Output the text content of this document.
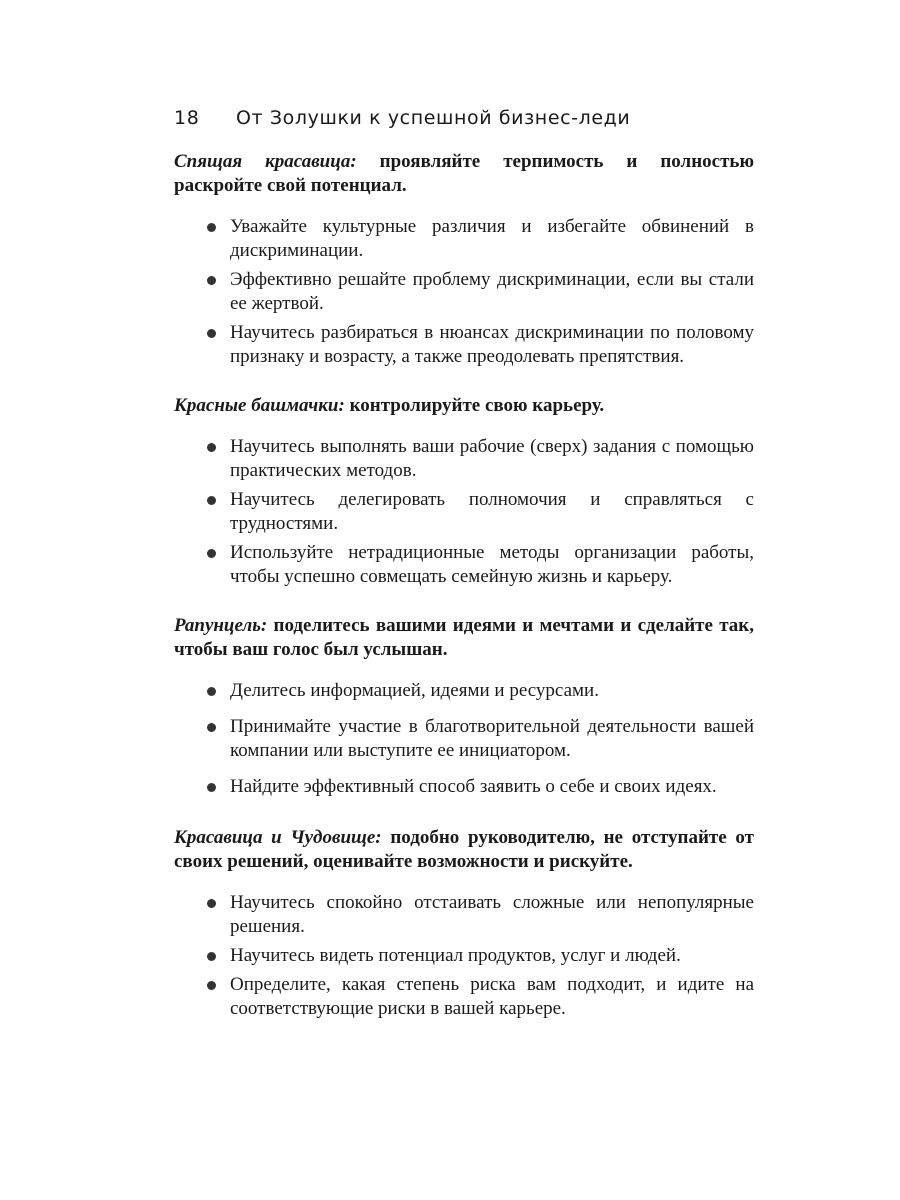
18 От Золушки к успешной бизнес-леди

Спящая красавица: проявляйте терпимость и полностью раскройте свой потенциал.

Уважайте культурные различия и избегайте обвинений в дискриминации.
Эффективно решайте проблему дискриминации, если вы стали ее жертвой.
Научитесь разбираться в нюансах дискриминации по половому признаку и возрасту, а также преодолевать препятствия.

Красные башмачки: контролируйте свою карьеру.

Научитесь выполнять ваши рабочие (сверх) задания с помощью практических методов.
Научитесь делегировать полномочия и справляться с трудностями.
Используйте нетрадиционные методы организации работы, чтобы успешно совмещать семейную жизнь и карьеру.

Рапунцель: поделитесь вашими идеями и мечтами и сделайте так, чтобы ваш голос был услышан.

Делитесь информацией, идеями и ресурсами.
Принимайте участие в благотворительной деятельности вашей компании или выступите ее инициатором.
Найдите эффективный способ заявить о себе и своих идеях.

Красавица и Чудовище: подобно руководителю, не отступайте от своих решений, оценивайте возможности и рискуйте.

Научитесь спокойно отстаивать сложные или непопулярные решения.
Научитесь видеть потенциал продуктов, услуг и людей.
Определите, какая степень риска вам подходит, и идите на соответствующие риски в вашей карьере.
